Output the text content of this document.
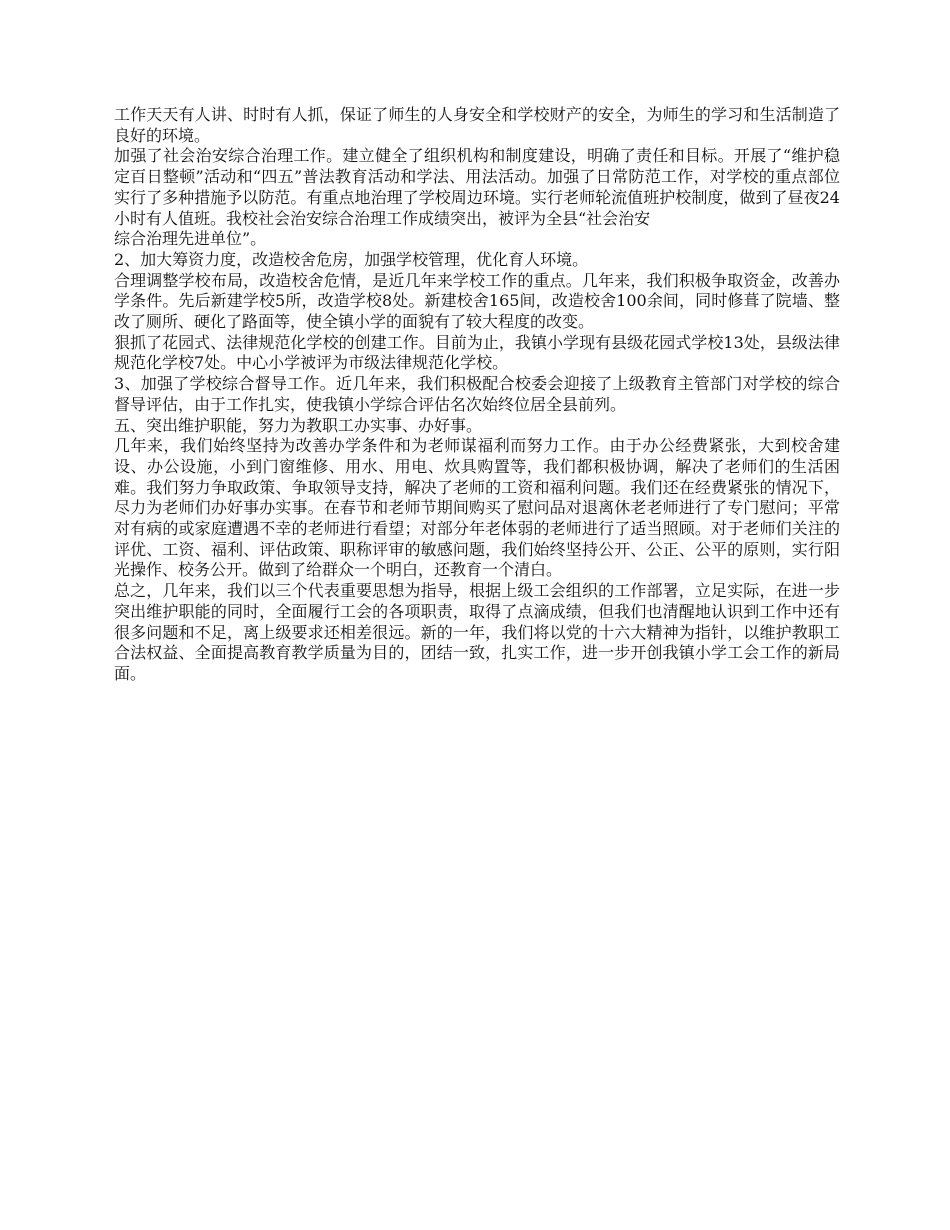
工作天天有人讲、时时有人抓，保证了师生的人身安全和学校财产的安全，为师生的学习和生活制造了良好的环境。

加强了社会治安综合治理工作。建立健全了组织机构和制度建设，明确了责任和目标。开展了“维护稳定百日整顿”活动和“四五”普法教育活动和学法、用法活动。加强了日常防范工作，对学校的重点部位实行了多种措施予以防范。有重点地治理了学校周边环境。实行老师轮流值班护校制度，做到了昼夜24小时有人值班。我校社会治安综合治理工作成绩突出，被评为全县“社会治安

综合治理先进单位”。

2、加大筹资力度，改造校舍危房，加强学校管理，优化育人环境。

合理调整学校布局，改造校舍危情，是近几年来学校工作的重点。几年来，我们积极争取资金，改善办学条件。先后新建学校5所，改造学校8处。新建校舍165间，改造校舍100余间，同时修葺了院墙、整改了厕所、硬化了路面等，使全镇小学的面貌有了较大程度的改变。

狠抓了花园式、法律规范化学校的创建工作。目前为止，我镇小学现有县级花园式学校13处，县级法律规范化学校7处。中心小学被评为市级法律规范化学校。

3、加强了学校综合督导工作。近几年来，我们积极配合校委会迎接了上级教育主管部门对学校的综合督导评估，由于工作扎实，使我镇小学综合评估名次始终位居全县前列。

五、突出维护职能，努力为教职工办实事、办好事。

几年来，我们始终坚持为改善办学条件和为老师谋福利而努力工作。由于办公经费紧张，大到校舍建设、办公设施，小到门窗维修、用水、用电、炊具购置等，我们都积极协调，解决了老师们的生活困难。我们努力争取政策、争取领导支持，解决了老师的工资和福利问题。我们还在经费紧张的情况下，尽力为老师们办好事办实事。在春节和老师节期间购买了慰问品对退离休老老师进行了专门慰问；平常对有病的或家庭遭遇不幸的老师进行看望；对部分年老体弱的老师进行了适当照顾。对于老师们关注的评优、工资、福利、评估政策、职称评审的敏感问题，我们始终坚持公开、公正、公平的原则，实行阳光操作、校务公开。做到了给群众一个明白，还教育一个清白。

总之，几年来，我们以三个代表重要思想为指导，根据上级工会组织的工作部署，立足实际，在进一步突出维护职能的同时，全面履行工会的各项职责，取得了点滴成绩，但我们也清醒地认识到工作中还有很多问题和不足，离上级要求还相差很远。新的一年，我们将以党的十六大精神为指针，以维护教职工合法权益、全面提高教育教学质量为目的，团结一致，扎实工作，进一步开创我镇小学工会工作的新局面。
